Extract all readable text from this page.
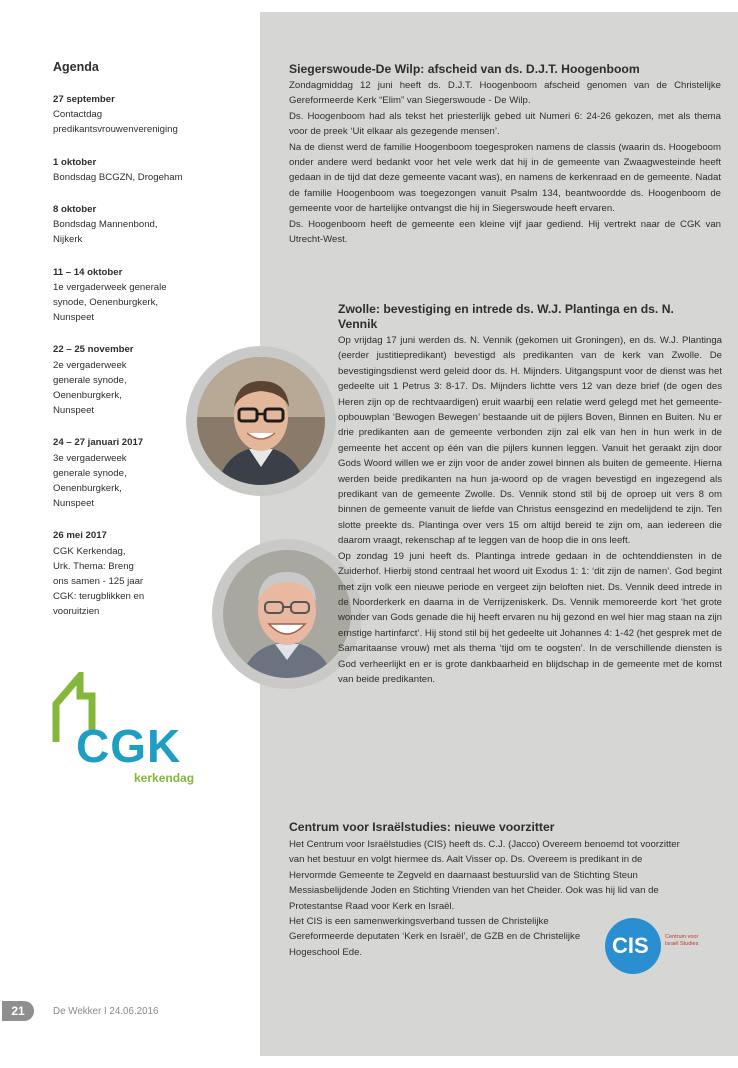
Agenda
27 september
Contactdag
predikantsvrouwenvereniging
1 oktober
Bondsdag BCGZN, Drogeham
8 oktober
Bondsdag Mannenbond,
Nijkerk
11 – 14 oktober
1e vergaderweek generale
synode, Oenenburgkerk,
Nunspeet
22 – 25 november
2e vergaderweek
generale synode,
Oenenburgkerk,
Nunspeet
24 – 27 januari 2017
3e vergaderweek
generale synode,
Oenenburgkerk,
Nunspeet
26 mei 2017
CGK Kerkendag,
Urk. Thema: Breng
ons samen - 125 jaar
CGK: terugblikken en
vooruitzien
CGK
kerkendag
Siegerswoude-De Wilp: afscheid van ds. D.J.T. Hoogenboom

Zondagmiddag 12 juni heeft ds. D.J.T. Hoogenboom afscheid genomen van de Christelijke Gereformeerde Kerk “Elim” van Siegerswoude - De Wilp.

Ds. Hoogenboom had als tekst het priesterlijk gebed uit Numeri 6: 24-26 gekozen, met als thema voor de preek ‘Uit elkaar als gezegende mensen’.

Na de dienst werd de familie Hoogenboom toegesproken namens de classis (waarin ds. Hoogeboom onder andere werd bedankt voor het vele werk dat hij in de gemeente van Zwaagwesteinde heeft gedaan in de tijd dat deze gemeente vacant was), en namens de kerkenraad en de gemeente. Nadat de familie Hoogenboom was toegezongen vanuit Psalm 134, beantwoordde ds. Hoogenboom de gemeente voor de hartelijke ontvangst die hij in Siegerswoude heeft ervaren.

Ds. Hoogenboom heeft de gemeente een kleine vijf jaar gediend. Hij vertrekt naar de CGK van Utrecht-West.

Zwolle: bevestiging en intrede ds. W.J. Plantinga en ds. N. Vennik

Op vrijdag 17 juni werden ds. N. Vennik (gekomen uit Groningen), en ds. W.J. Plantinga (eerder justitiepredikant) bevestigd als predikanten van de kerk van Zwolle. De bevestigingsdienst werd geleid door ds. H. Mijnders. Uitgangspunt voor de dienst was het gedeelte uit 1 Petrus 3: 8-17. Ds. Mijnders lichtte vers 12 van deze brief (de ogen des Heren zijn op de rechtvaardigen) eruit waarbij een relatie werd gelegd met het gemeente-opbouwplan ‘Bewogen Bewegen’ bestaande uit de pijlers Boven, Binnen en Buiten. Nu er drie predikanten aan de gemeente verbonden zijn zal elk van hen in hun werk in de gemeente het accent op één van die pijlers kunnen leggen. Vanuit het geraakt zijn door Gods Woord willen we er zijn voor de ander zowel binnen als buiten de gemeente. Hierna werden beide predikanten na hun ja-woord op de vragen bevestigd en ingezegend als predikant van de gemeente Zwolle. Ds. Vennik stond stil bij de oproep uit vers 8 om binnen de gemeente vanuit de liefde van Christus eensgezind en medelijdend te zijn. Ten slotte preekte ds. Plantinga over vers 15 om altijd bereid te zijn om, aan iedereen die daarom vraagt, rekenschap af te leggen van de hoop die in ons leeft.

Op zondag 19 juni heeft ds. Plantinga intrede gedaan in de ochtenddiensten in de Zuiderhof. Hierbij stond centraal het woord uit Exodus 1: 1: ‘dit zijn de namen’. God begint met zijn volk een nieuwe periode en vergeet zijn beloften niet. Ds. Vennik deed intrede in de Noorderkerk en daarna in de Verrijzeniskerk. Ds. Vennik memoreerde kort ‘het grote wonder van Gods genade die hij heeft ervaren nu hij gezond en wel hier mag staan na zijn ernstige hartinfarct’. Hij stond stil bij het gedeelte uit Johannes 4: 1-42 (het gesprek met de Samaritaanse vrouw) met als thema ‘tijd om te oogsten’. In de verschillende diensten is God verheerlijkt en er is grote dankbaarheid en blijdschap in de gemeente met de komst van beide predikanten.

Centrum voor Israëlstudies: nieuwe voorzitter

Het Centrum voor Israëlstudies (CIS) heeft ds. C.J. (Jacco) Overeem benoemd tot voorzitter van het bestuur en volgt hiermee ds. Aalt Visser op. Ds. Overeem is predikant in de Hervormde Gemeente te Zegveld en daarnaast bestuurslid van de Stichting Steun Messiasbelijdende Joden en Stichting Vrienden van het Cheider. Ook was hij lid van de Protestantse Raad voor Kerk en Israël.

Het CIS is een samenwerkingsverband tussen de Christelijke Gereformeerde deputaten ‘Kerk en Israël’, de GZB en de Christelijke Hogeschool Ede.	CIS	Centrum voor Israël Studies
21	De Wekker I 24.06.2016
